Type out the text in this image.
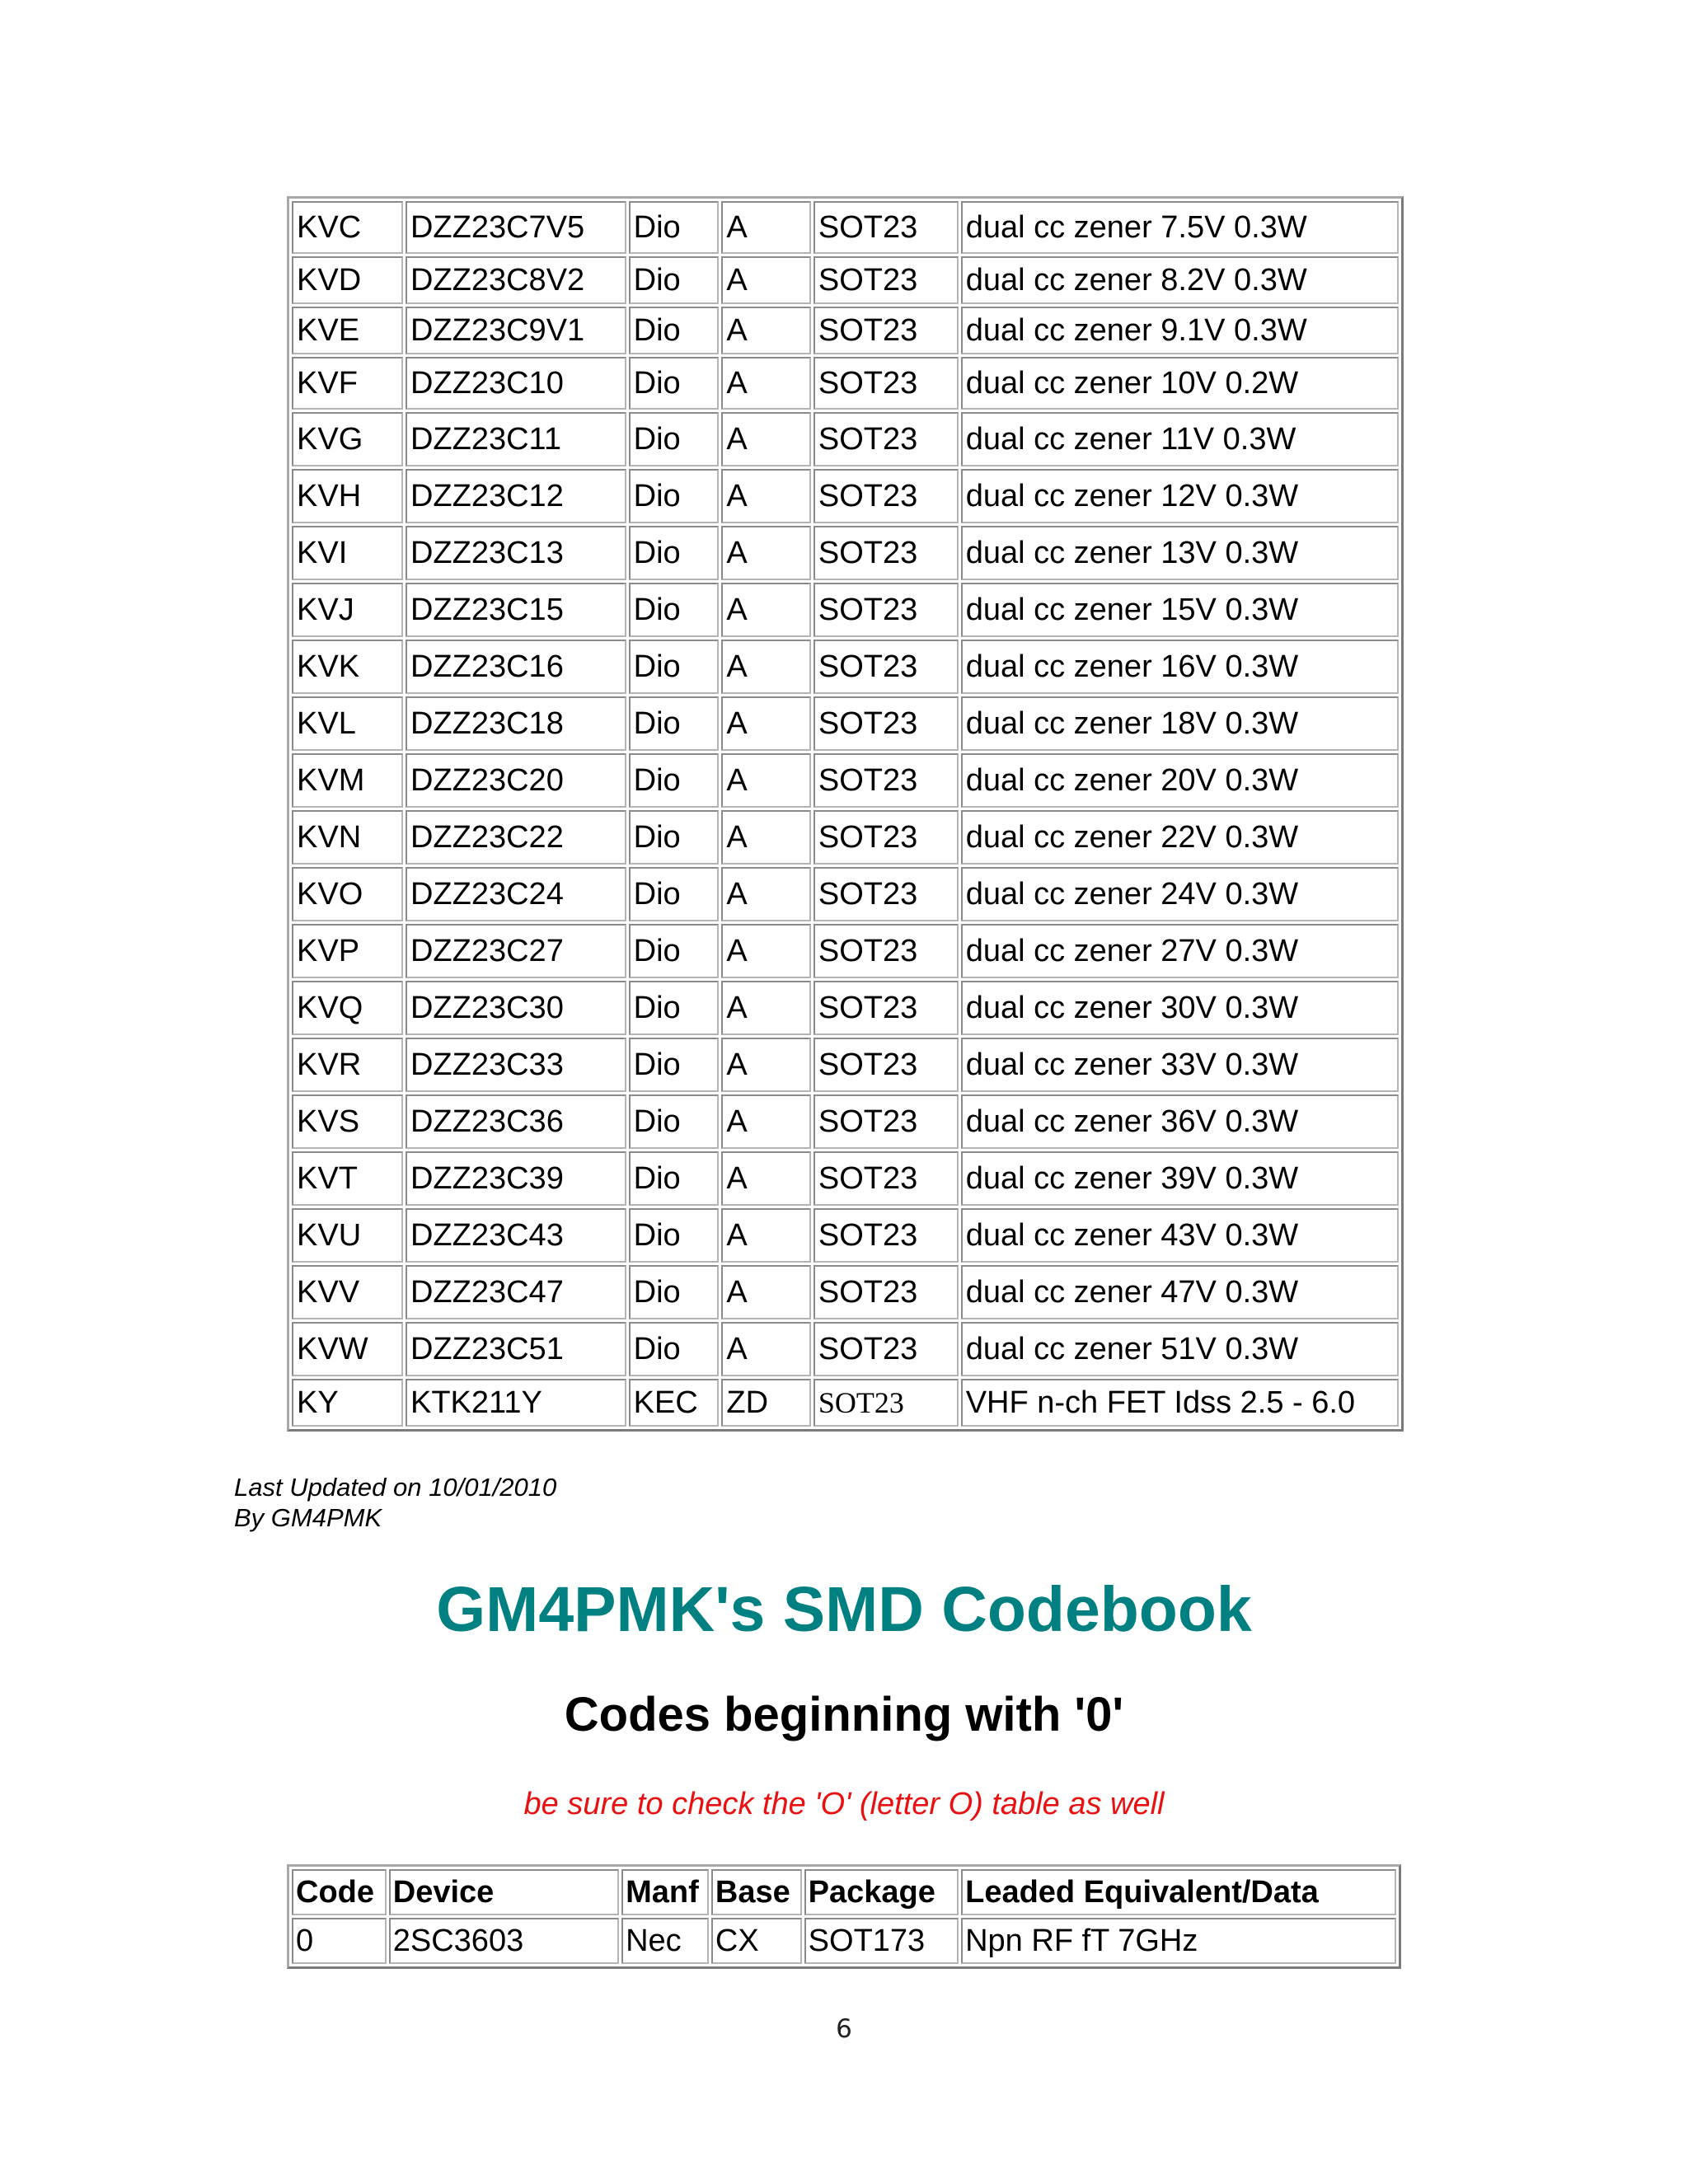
KVC	DZZ23C7V5	Dio	A	SOT23	dual cc zener 7.5V 0.3W
KVD	DZZ23C8V2	Dio	A	SOT23	dual cc zener 8.2V 0.3W
KVE	DZZ23C9V1	Dio	A	SOT23	dual cc zener 9.1V 0.3W
KVF	DZZ23C10	Dio	A	SOT23	dual cc zener 10V 0.2W
KVG	DZZ23C11	Dio	A	SOT23	dual cc zener 11V 0.3W
KVH	DZZ23C12	Dio	A	SOT23	dual cc zener 12V 0.3W
KVI	DZZ23C13	Dio	A	SOT23	dual cc zener 13V 0.3W
KVJ	DZZ23C15	Dio	A	SOT23	dual cc zener 15V 0.3W
KVK	DZZ23C16	Dio	A	SOT23	dual cc zener 16V 0.3W
KVL	DZZ23C18	Dio	A	SOT23	dual cc zener 18V 0.3W
KVM	DZZ23C20	Dio	A	SOT23	dual cc zener 20V 0.3W
KVN	DZZ23C22	Dio	A	SOT23	dual cc zener 22V 0.3W
KVO	DZZ23C24	Dio	A	SOT23	dual cc zener 24V 0.3W
KVP	DZZ23C27	Dio	A	SOT23	dual cc zener 27V 0.3W
KVQ	DZZ23C30	Dio	A	SOT23	dual cc zener 30V 0.3W
KVR	DZZ23C33	Dio	A	SOT23	dual cc zener 33V 0.3W
KVS	DZZ23C36	Dio	A	SOT23	dual cc zener 36V 0.3W
KVT	DZZ23C39	Dio	A	SOT23	dual cc zener 39V 0.3W
KVU	DZZ23C43	Dio	A	SOT23	dual cc zener 43V 0.3W
KVV	DZZ23C47	Dio	A	SOT23	dual cc zener 47V 0.3W
KVW	DZZ23C51	Dio	A	SOT23	dual cc zener 51V 0.3W
KY	KTK211Y	KEC	ZD	SOT23	VHF n-ch FET Idss 2.5 - 6.0
Last Updated on 10/01/2010
By GM4PMK
GM4PMK's SMD Codebook
Codes beginning with '0'
be sure to check the 'O' (letter O) table as well
Code	Device	Manf	Base	Package	Leaded Equivalent/Data
0	2SC3603	Nec	CX	SOT173	Npn RF fT 7GHz
6
